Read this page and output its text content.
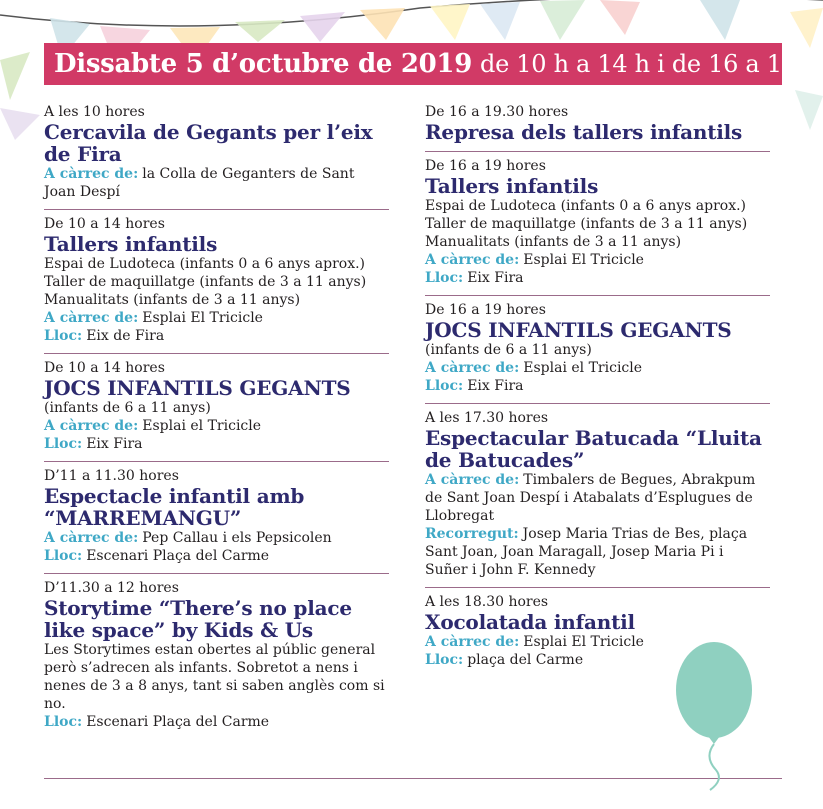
Dissabte 5 d’octubre de 2019 de 10 h a 14 h i de 16 a 19 h
A les 10 hores
Cercavila de Gegants per l’eix de Fira
A càrrec de: la Colla de Geganters de Sant Joan Despí
De 10 a 14 hores
Tallers infantils
Espai de Ludoteca (infants 0 a 6 anys aprox.)
Taller de maquillatge (infants de 3 a 11 anys)
Manualitats (infants de 3 a 11 anys)
A càrrec de: Esplai El Tricicle
Lloc: Eix de Fira
De 10 a 14 hores
JOCS INFANTILS GEGANTS
(infants de 6 a 11 anys)
A càrrec de: Esplai el Tricicle
Lloc: Eix Fira
D’11 a 11.30 hores
Espectacle infantil amb “MARREMANGU”
A càrrec de: Pep Callau i els Pepsicolen
Lloc: Escenari Plaça del Carme
D’11.30 a 12 hores
Storytime “There’s no place like space” by Kids & Us
Les Storytimes estan obertes al públic general però s’adrecen als infants. Sobretot a nens i nenes de 3 a 8 anys, tant si saben anglès com si no.
Lloc: Escenari Plaça del Carme
De 16 a 19.30 hores
Represa dels tallers infantils
De 16 a 19 hores
Tallers infantils
Espai de Ludoteca (infants 0 a 6 anys aprox.)
Taller de maquillatge (infants de 3 a 11 anys)
Manualitats (infants de 3 a 11 anys)
A càrrec de: Esplai El Tricicle
Lloc: Eix Fira
De 16 a 19 hores
JOCS INFANTILS GEGANTS
(infants de 6 a 11 anys)
A càrrec de: Esplai el Tricicle
Lloc: Eix Fira
A les 17.30 hores
Espectacular Batucada “Lluita de Batucades”
A càrrec de: Timbalers de Begues, Abrakpum de Sant Joan Despí i Atabalats d’Esplugues de Llobregat
Recorregut: Josep Maria Trias de Bes, plaça Sant Joan, Joan Maragall, Josep Maria Pi i Suñer i John F. Kennedy
A les 18.30 hores
Xocolatada infantil
A càrrec de: Esplai El Tricicle
Lloc: plaça del Carme
